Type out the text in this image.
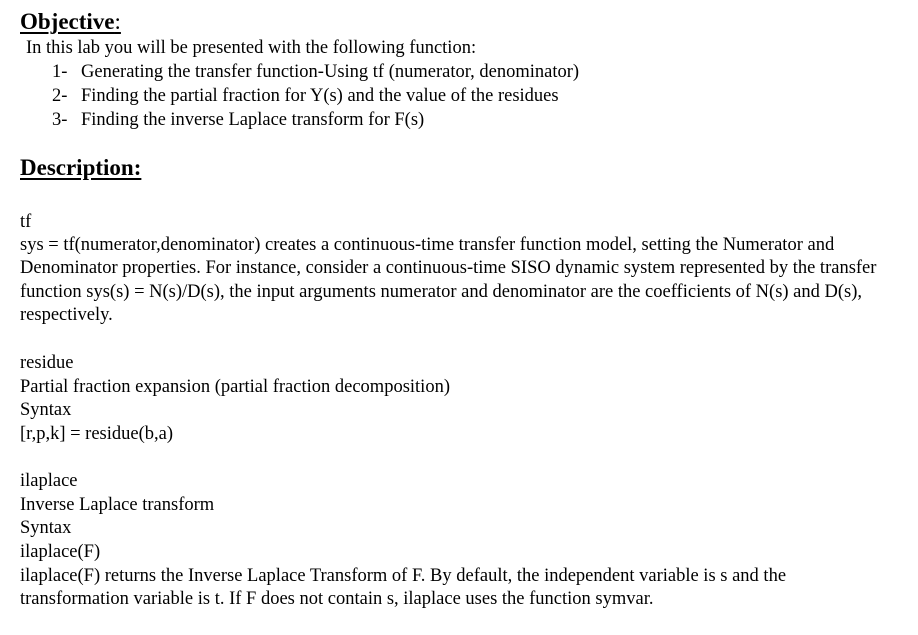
Objective:
In this lab you will be presented with the following function:
1- Generating the transfer function-Using tf (numerator, denominator)
2- Finding the partial fraction for Y(s) and the value of the residues
3- Finding the inverse Laplace transform for F(s)
Description:
tf
sys = tf(numerator,denominator) creates a continuous-time transfer function model, setting the Numerator and Denominator properties. For instance, consider a continuous-time SISO dynamic system represented by the transfer function sys(s) = N(s)/D(s), the input arguments numerator and denominator are the coefficients of N(s) and D(s), respectively.
residue
Partial fraction expansion (partial fraction decomposition)
Syntax
[r,p,k] = residue(b,a)
ilaplace
Inverse Laplace transform
Syntax
ilaplace(F)
ilaplace(F) returns the Inverse Laplace Transform of F. By default, the independent variable is s and the transformation variable is t. If F does not contain s, ilaplace uses the function symvar.
